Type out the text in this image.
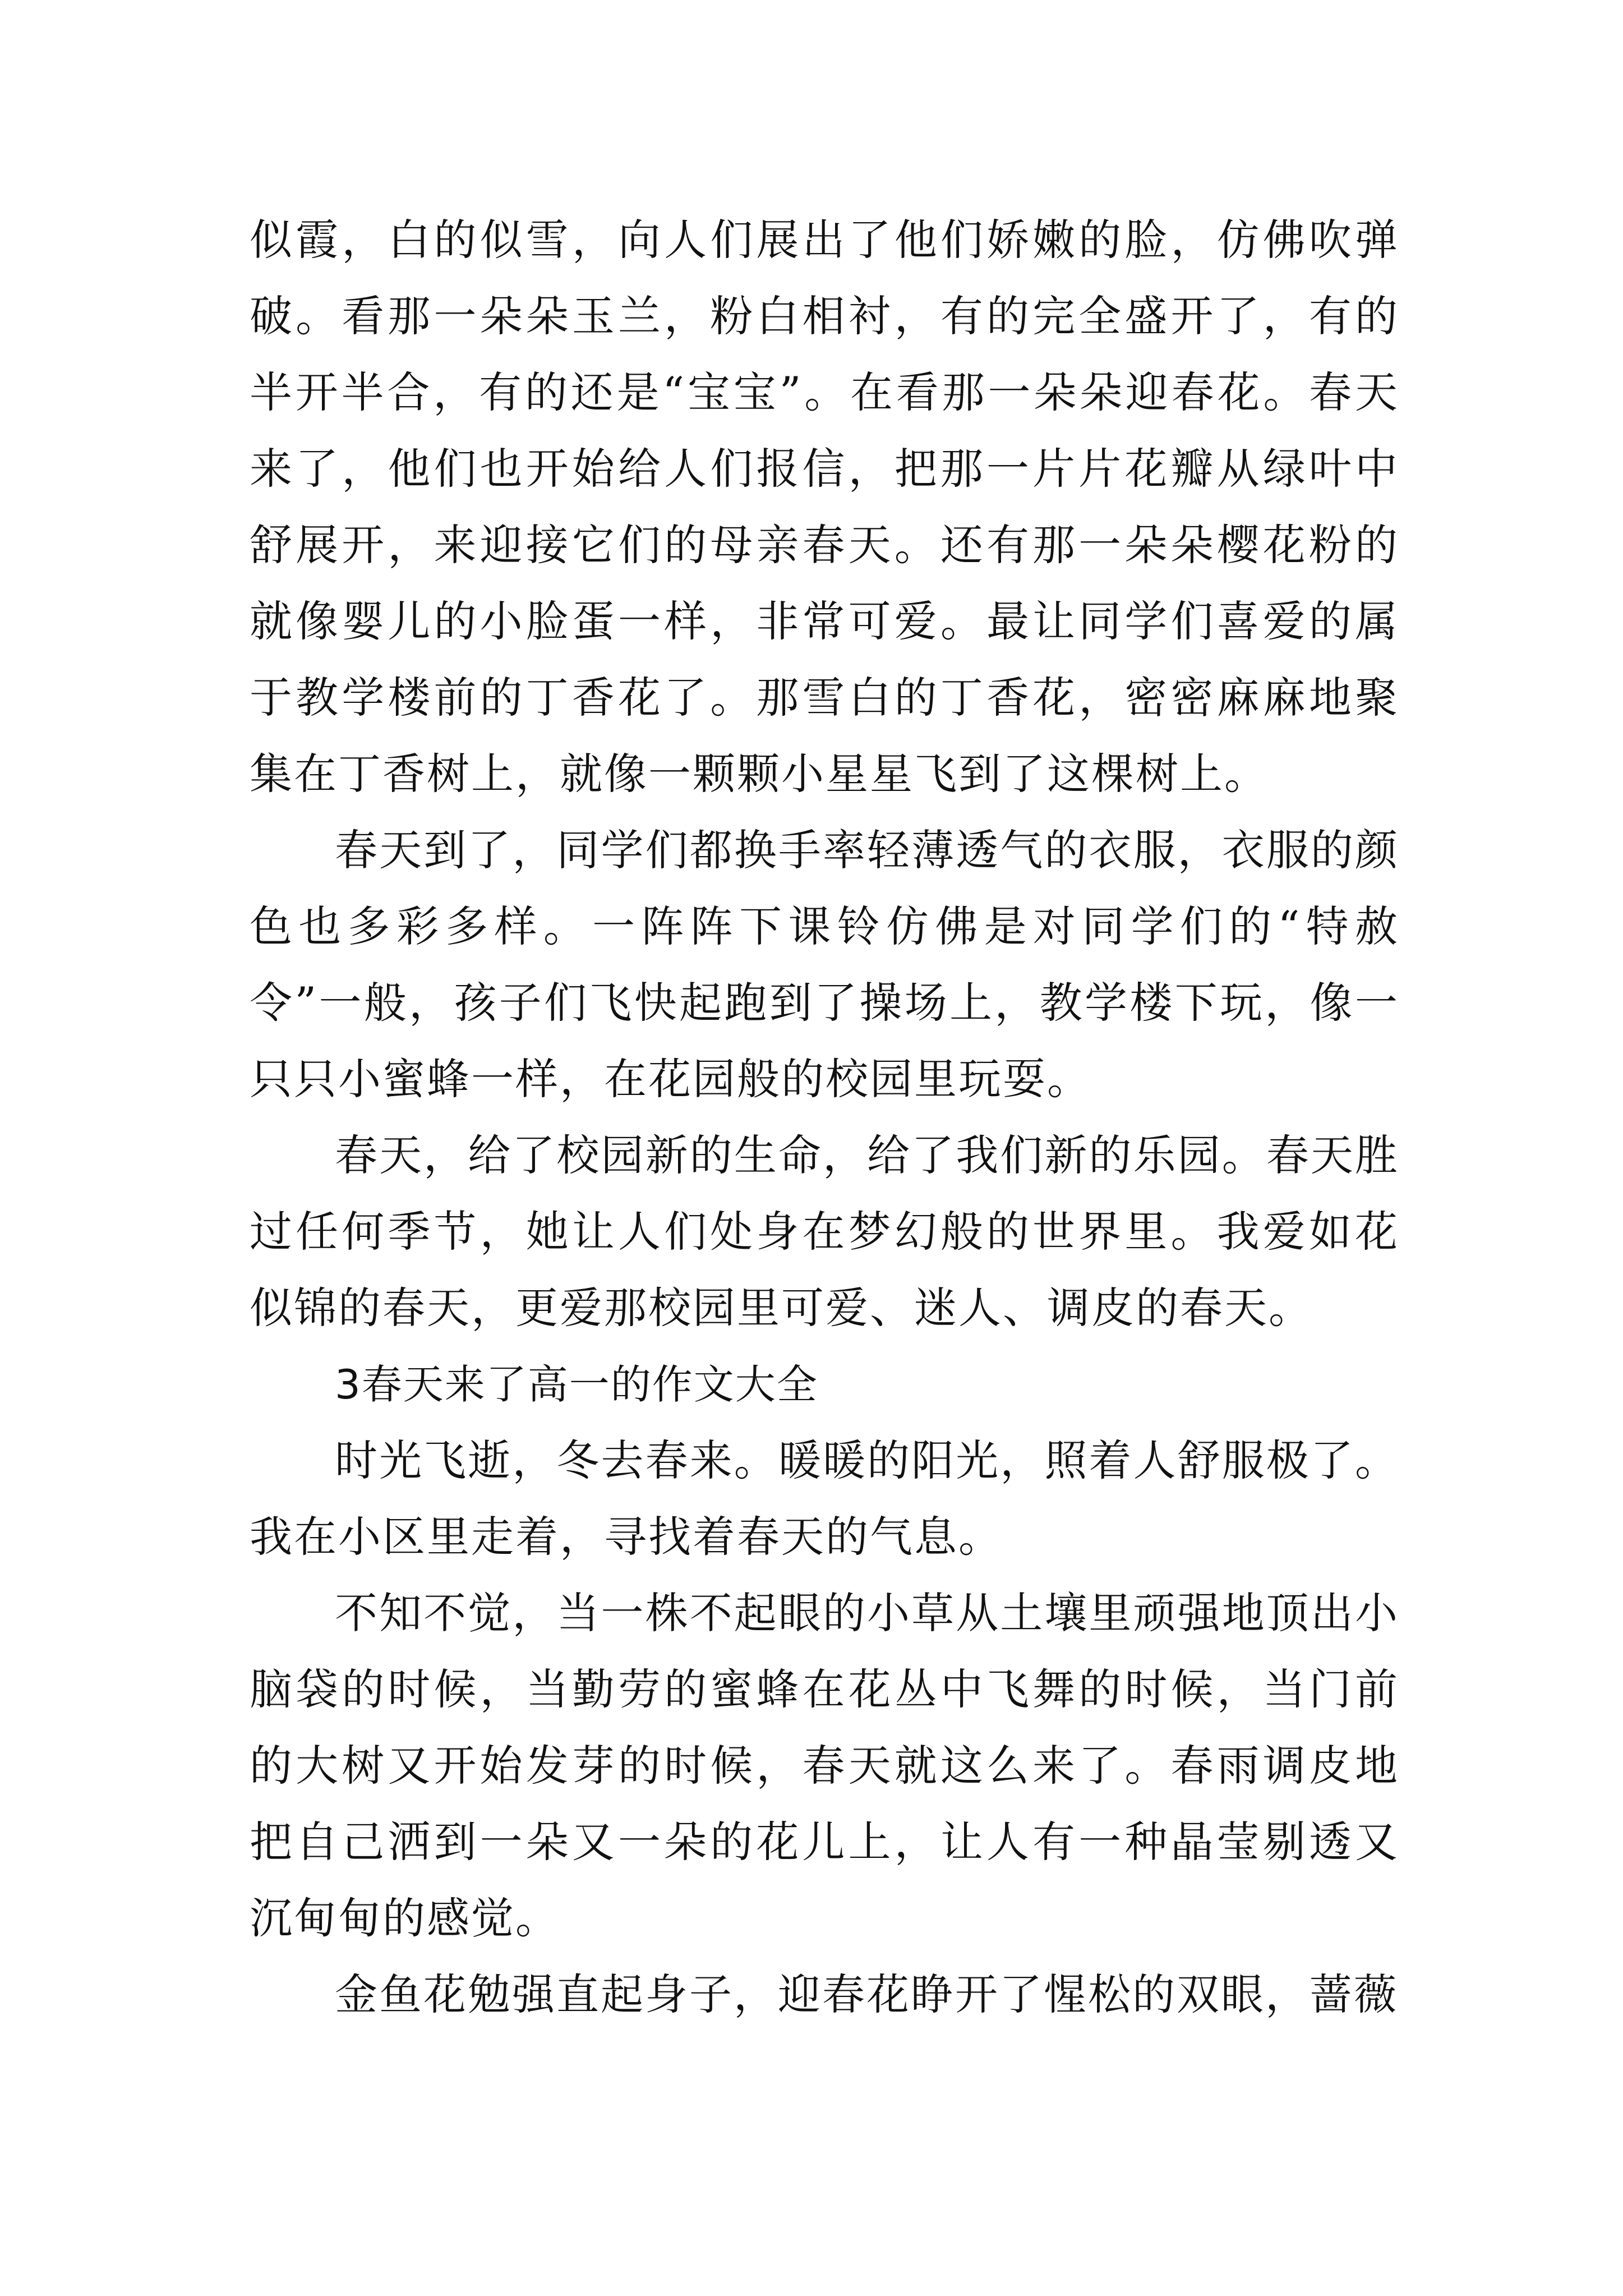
似霞，白的似雪，向人们展出了他们娇嫩的脸，仿佛吹弹破。看那一朵朵玉兰，粉白相衬，有的完全盛开了，有的半开半合，有的还是“宝宝”。在看那一朵朵迎春花。春天来了，他们也开始给人们报信，把那一片片花瓣从绿叶中舒展开，来迎接它们的母亲春天。还有那一朵朵樱花粉的就像婴儿的小脸蛋一样，非常可爱。最让同学们喜爱的属于教学楼前的丁香花了。那雪白的丁香花，密密麻麻地聚集在丁香树上，就像一颗颗小星星飞到了这棵树上。

春天到了，同学们都换手率轻薄透气的衣服，衣服的颜色也多彩多样。一阵阵下课铃仿佛是对同学们的“特赦令”一般，孩子们飞快起跑到了操场上，教学楼下玩，像一只只小蜜蜂一样，在花园般的校园里玩耍。

春天，给了校园新的生命，给了我们新的乐园。春天胜过任何季节，她让人们处身在梦幻般的世界里。我爱如花似锦的春天，更爱那校园里可爱、迷人、调皮的春天。

3春天来了高一的作文大全

时光飞逝，冬去春来。暖暖的阳光，照着人舒服极了。我在小区里走着，寻找着春天的气息。

不知不觉，当一株不起眼的小草从土壤里顽强地顶出小脑袋的时候，当勤劳的蜜蜂在花丛中飞舞的时候，当门前的大树又开始发芽的时候，春天就这么来了。春雨调皮地把自己洒到一朵又一朵的花儿上，让人有一种晶莹剔透又沉甸甸的感觉。

金鱼花勉强直起身子，迎春花睁开了惺松的双眼，蔷薇
